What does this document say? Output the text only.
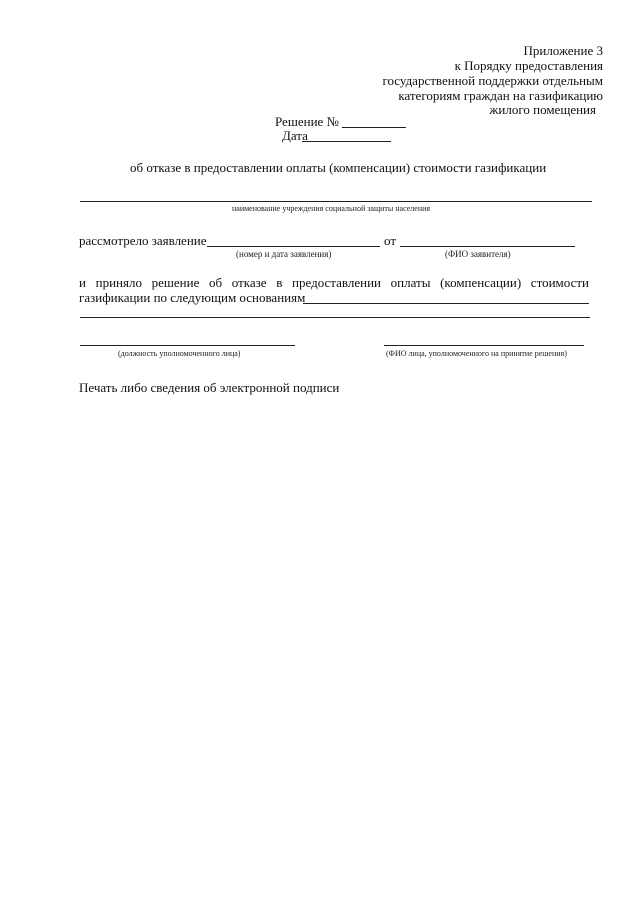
Приложение 3
к Порядку предоставления
государственной поддержки отдельным
категориям граждан на газификацию
жилого помещения
Решение №
Дата
об отказе в предоставлении оплаты (компенсации) стоимости газификации
наименование учреждения социальной защиты населения
рассмотрело заявление	от
(номер и дата заявления)	(ФИО заявителя)
и приняло решение об отказе в предоставлении оплаты (компенсации) стоимости
газификации по следующим основаниям
(должность уполномоченного лица)	(ФИО лица, уполномоченного на принятие решения)
Печать либо сведения об электронной подписи
